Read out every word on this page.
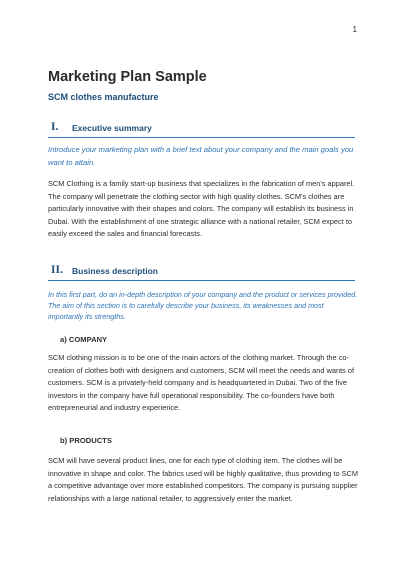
1
Marketing Plan Sample
SCM clothes manufacture
I. Executive summary
Introduce your marketing plan with a brief text about your company and the main goals you want to attain.
SCM Clothing is a family start-up business that specializes in the fabrication of men's apparel. The company will penetrate the clothing sector with high quality clothes. SCM's clothes are particularly innovative with their shapes and colors. The company will establish its business in Dubai. With the establishment of one strategic alliance with a national retailer, SCM expect to easily exceed the sales and financial forecasts.
II. Business description
In this first part, do an in-depth description of your company and the product or services provided. The aim of this section is to carefully describe your business, its weaknesses and most importantly its strengths.
a) COMPANY
SCM clothing mission is to be one of the main actors of the clothing market. Through the co-creation of clothes both with designers and customers, SCM will meet the needs and wants of customers. SCM is a privately-held company and is headquartered in Dubai. Two of the five investors in the company have full operational responsibility. The co-founders have both entrepreneurial and industry experience.
b) PRODUCTS
SCM will have several product lines, one for each type of clothing item. The clothes will be innovative in shape and color. The fabrics used will be highly qualitative, thus providing to SCM a competitive advantage over more established competitors. The company is pursuing supplier relationships with a large national retailer, to aggressively enter the market.
